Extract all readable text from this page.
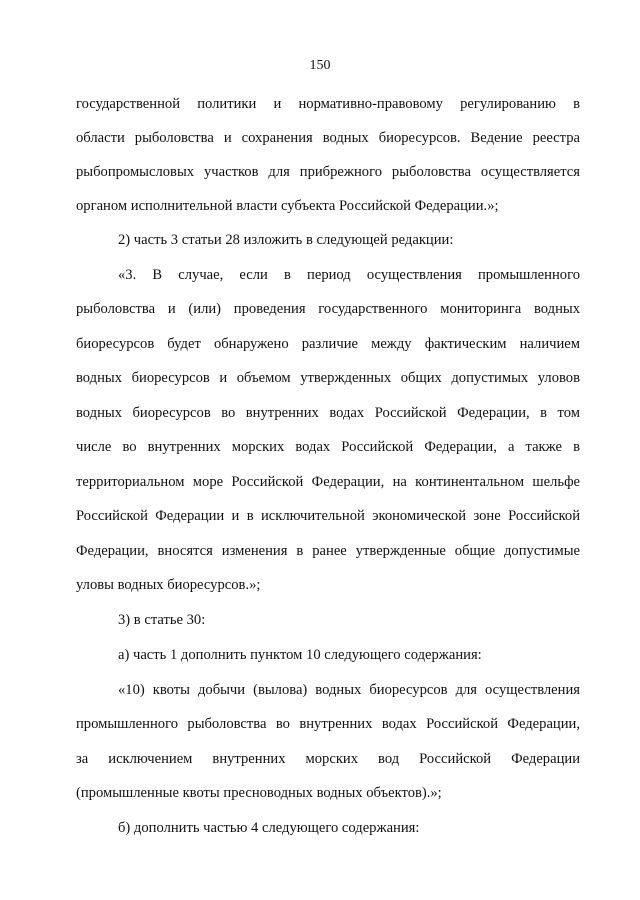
150
государственной политики и нормативно-правовому регулированию в
области рыболовства и сохранения водных биоресурсов. Ведение реестра
рыбопромысловых участков для прибрежного рыболовства осуществляется
органом исполнительной власти субъекта Российской Федерации.»;
2) часть 3 статьи 28 изложить в следующей редакции:
«3. В случае, если в период осуществления промышленного
рыболовства и (или) проведения государственного мониторинга водных
биоресурсов будет обнаружено различие между фактическим наличием
водных биоресурсов и объемом утвержденных общих допустимых уловов
водных биоресурсов во внутренних водах Российской Федерации, в том
числе во внутренних морских водах Российской Федерации, а также в
территориальном море Российской Федерации, на континентальном шельфе
Российской Федерации и в исключительной экономической зоне Российской
Федерации, вносятся изменения в ранее утвержденные общие допустимые
уловы водных биоресурсов.»;
3) в статье 30:
а) часть 1 дополнить пунктом 10 следующего содержания:
«10) квоты добычи (вылова) водных биоресурсов для осуществления
промышленного рыболовства во внутренних водах Российской Федерации,
за исключением внутренних морских вод Российской Федерации
(промышленные квоты пресноводных водных объектов).»;
б) дополнить частью 4 следующего содержания:
